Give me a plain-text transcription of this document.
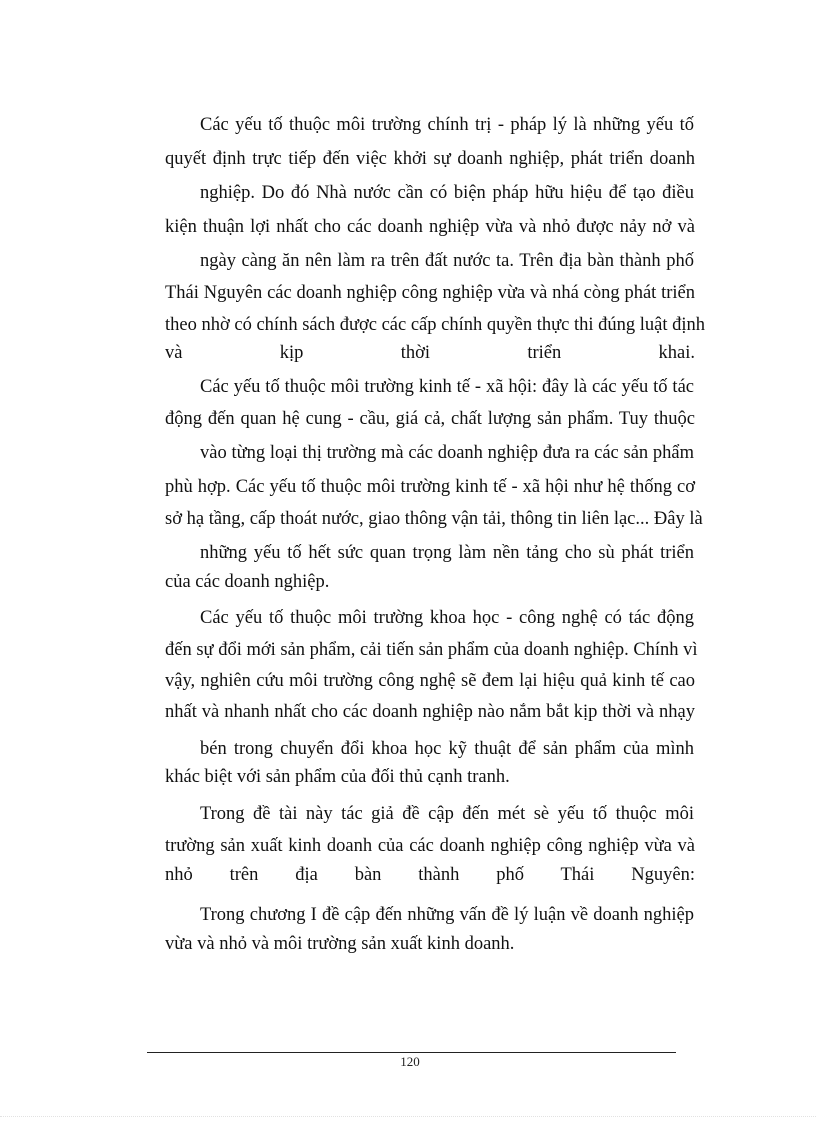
Các yếu tố thuộc môi trường chính trị - pháp lý là những yếu tố
quyết định trực tiếp đến việc khởi sự doanh nghiệp, phát triển doanh
nghiệp. Do đó Nhà nước cần có biện pháp hữu hiệu để tạo điều
kiện thuận lợi nhất cho các doanh nghiệp vừa và nhỏ được nảy nở và
ngày càng ăn nên làm ra trên đất nước ta. Trên địa bàn thành phố
Thái Nguyên các doanh nghiệp công nghiệp vừa và nhá còng phát triển
theo nhờ có chính sách được các cấp chính quyền thực thi đúng luật định
và kịp thời triển khai.
Các yếu tố thuộc môi trường kinh tế - xã hội: đây là các yếu tố tác
động đến quan hệ cung - cầu, giá cả, chất lượng sản phẩm. Tuy thuộc
vào từng loại thị trường mà các doanh nghiệp đưa ra các sản phẩm
phù hợp. Các yếu tố thuộc môi trường kinh tế - xã hội như hệ thống cơ
sở hạ tầng, cấp thoát nước, giao thông vận tải, thông tin liên lạc... Đây là
những yếu tố hết sức quan trọng làm nền tảng cho sù phát triển
của các doanh nghiệp.
Các yếu tố thuộc môi trường khoa học - công nghệ có tác động
đến sự đổi mới sản phẩm, cải tiến sản phẩm của doanh nghiệp. Chính vì
vậy, nghiên cứu môi trường công nghệ sẽ đem lại hiệu quả kinh tế cao
nhất và nhanh nhất cho các doanh nghiệp nào nắm bắt kịp thời và nhạy
bén trong chuyển đổi khoa học kỹ thuật để sản phẩm của mình
khác biệt với sản phẩm của đối thủ cạnh tranh.
Trong đề tài này tác giả đề cập đến mét sè yếu tố thuộc môi
trường sản xuất kinh doanh của các doanh nghiệp công nghiệp vừa và
nhỏ trên địa bàn thành phố Thái Nguyên:
Trong chương I đề cập đến những vấn đề lý luận về doanh nghiệp
vừa và nhỏ và môi trường sản xuất kinh doanh.
120
